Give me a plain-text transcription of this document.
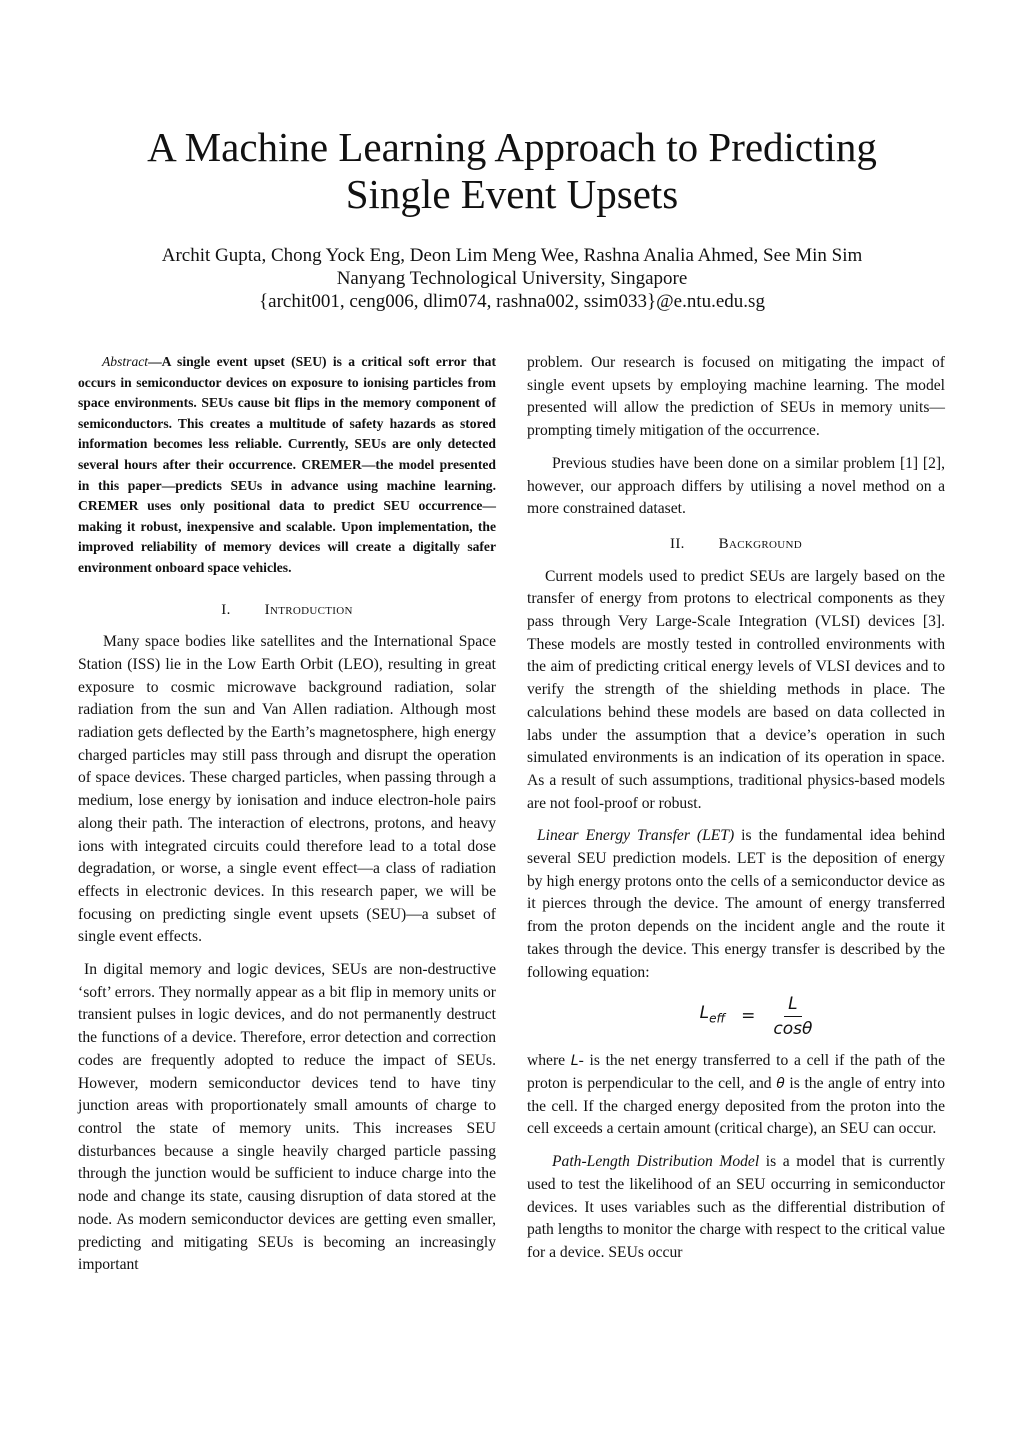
A Machine Learning Approach to Predicting
Single Event Upsets
Archit Gupta, Chong Yock Eng, Deon Lim Meng Wee, Rashna Analia Ahmed, See Min Sim
Nanyang Technological University, Singapore
{archit001, ceng006, dlim074, rashna002, ssim033}@e.ntu.edu.sg

Abstract—A single event upset (SEU) is a critical soft error that occurs in semiconductor devices on exposure to ionising particles from space environments. SEUs cause bit flips in the memory component of semiconductors. This creates a multitude of safety hazards as stored information becomes less reliable. Currently, SEUs are only detected several hours after their occurrence. CREMER—the model presented in this paper—predicts SEUs in advance using machine learning. CREMER uses only positional data to predict SEU occurrence—making it robust, inexpensive and scalable. Upon implementation, the improved reliability of memory devices will create a digitally safer environment onboard space vehicles.

I. Introduction

Many space bodies like satellites and the International Space Station (ISS) lie in the Low Earth Orbit (LEO), resulting in great exposure to cosmic microwave background radiation, solar radiation from the sun and Van Allen radiation. Although most radiation gets deflected by the Earth’s magnetosphere, high energy charged particles may still pass through and disrupt the operation of space devices. These charged particles, when passing through a medium, lose energy by ionisation and induce electron-hole pairs along their path. The interaction of electrons, protons, and heavy ions with integrated circuits could therefore lead to a total dose degradation, or worse, a single event effect—a class of radiation effects in electronic devices. In this research paper, we will be focusing on predicting single event upsets (SEU)—a subset of single event effects.

In digital memory and logic devices, SEUs are non-destructive ‘soft’ errors. They normally appear as a bit flip in memory units or transient pulses in logic devices, and do not permanently destruct the functions of a device. Therefore, error detection and correction codes are frequently adopted to reduce the impact of SEUs. However, modern semiconductor devices tend to have tiny junction areas with proportionately small amounts of charge to control the state of memory units. This increases SEU disturbances because a single heavily charged particle passing through the junction would be sufficient to induce charge into the node and change its state, causing disruption of data stored at the node. As modern semiconductor devices are getting even smaller, predicting and mitigating SEUs is becoming an increasingly important

problem. Our research is focused on mitigating the impact of single event upsets by employing machine learning. The model presented will allow the prediction of SEUs in memory units—prompting timely mitigation of the occurrence.

Previous studies have been done on a similar problem [1] [2], however, our approach differs by utilising a novel method on a more constrained dataset.

II. Background

Current models used to predict SEUs are largely based on the transfer of energy from protons to electrical components as they pass through Very Large-Scale Integration (VLSI) devices [3]. These models are mostly tested in controlled environments with the aim of predicting critical energy levels of VLSI devices and to verify the strength of the shielding methods in place. The calculations behind these models are based on data collected in labs under the assumption that a device’s operation in such simulated environments is an indication of its operation in space. As a result of such assumptions, traditional physics-based models are not fool-proof or robust.

Linear Energy Transfer (LET) is the fundamental idea behind several SEU prediction models. LET is the deposition of energy by high energy protons onto the cells of a semiconductor device as it pierces through the device. The amount of energy transferred from the proton depends on the incident angle and the route it takes through the device. This energy transfer is described by the following equation:

$L_{eff} = \frac{L}{\cos\theta}$

where L- is the net energy transferred to a cell if the path of the proton is perpendicular to the cell, and θ is the angle of entry into the cell. If the charged energy deposited from the proton into the cell exceeds a certain amount (critical charge), an SEU can occur.

Path-Length Distribution Model is a model that is currently used to test the likelihood of an SEU occurring in semiconductor devices. It uses variables such as the differential distribution of path lengths to monitor the charge with respect to the critical value for a device. SEUs occur
